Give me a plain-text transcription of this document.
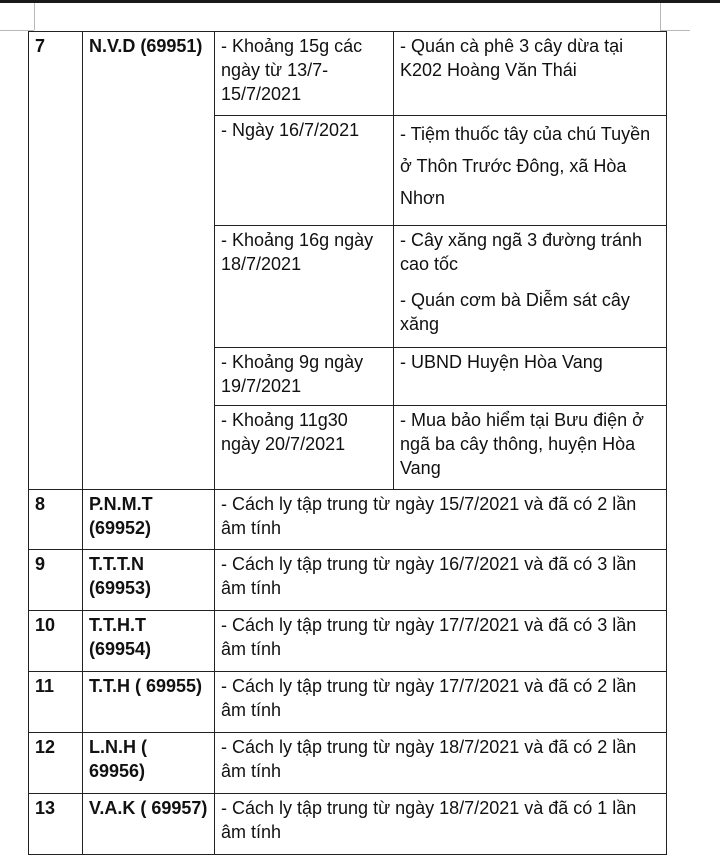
7	N.V.D (69951)	- Khoảng 15g các ngày từ 13/7-15/7/2021	- Quán cà phê 3 cây dừa tại K202 Hoàng Văn Thái

		- Ngày 16/7/2021	- Tiệm thuốc tây của chú Tuyền ở Thôn Trước Đông, xã Hòa Nhơn

		- Khoảng 16g ngày 18/7/2021	- Cây xăng ngã 3 đường tránh cao tốc

- Quán cơm bà Diễm sát cây xăng

		- Khoảng 9g ngày 19/7/2021	- UBND Huyện Hòa Vang

		- Khoảng 11g30 ngày 20/7/2021	- Mua bảo hiểm tại Bưu điện ở ngã ba cây thông, huyện Hòa Vang

8	P.N.M.T (69952)	- Cách ly tập trung từ ngày 15/7/2021 và đã có 2 lần âm tính	
9	T.T.T.N (69953)	- Cách ly tập trung từ ngày 16/7/2021 và đã có 3 lần âm tính	
10	T.T.H.T (69954)	- Cách ly tập trung từ ngày 17/7/2021 và đã có 3 lần âm tính	
11	T.T.H ( 69955)	- Cách ly tập trung từ ngày 17/7/2021 và đã có 2 lần âm tính	
12	L.N.H ( 69956)	- Cách ly tập trung từ ngày 18/7/2021 và đã có 2 lần âm tính	
13	V.A.K ( 69957)	- Cách ly tập trung từ ngày 18/7/2021 và đã có 1 lần âm tính	
